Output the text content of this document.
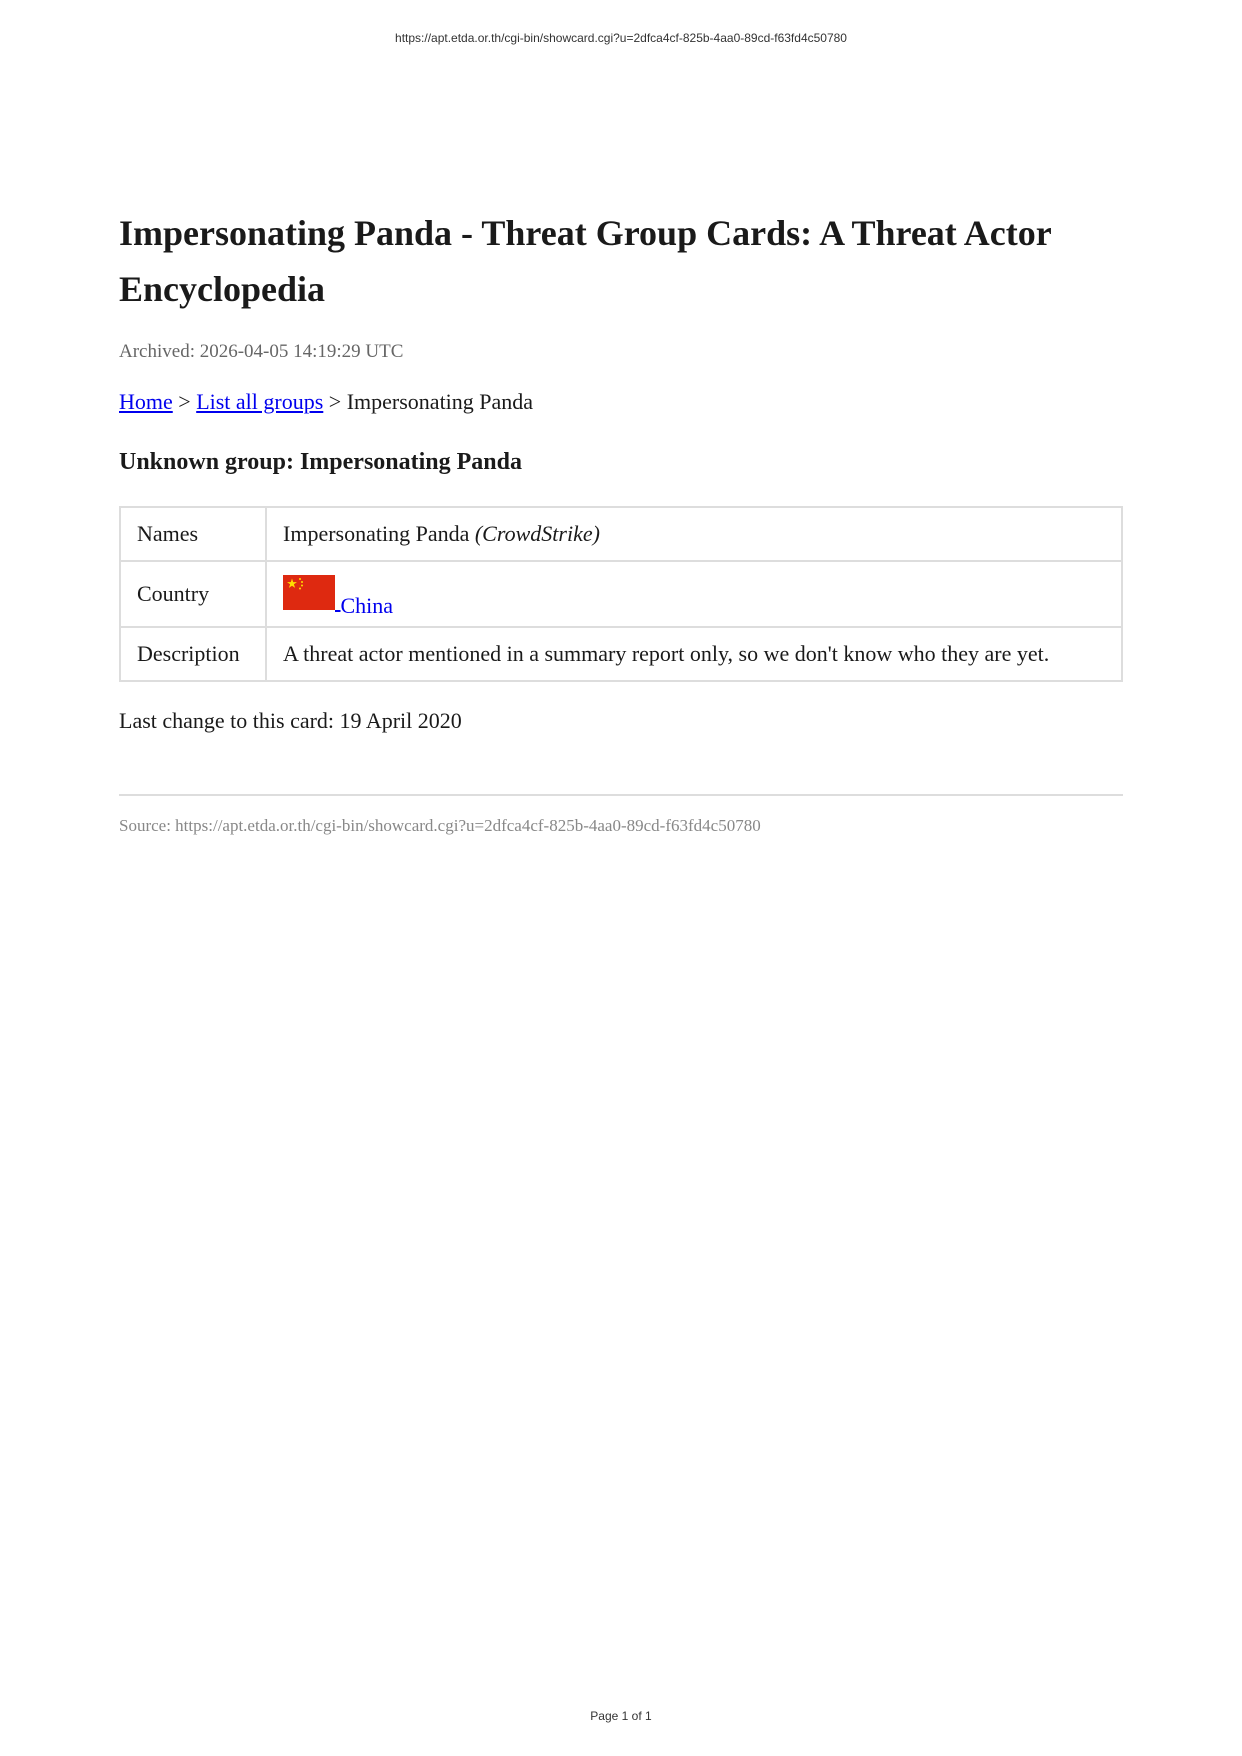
https://apt.etda.or.th/cgi-bin/showcard.cgi?u=2dfca4cf-825b-4aa0-89cd-f63fd4c50780
Impersonating Panda - Threat Group Cards: A Threat Actor Encyclopedia
Archived: 2026-04-05 14:19:29 UTC
Home > List all groups > Impersonating Panda
Unknown group: Impersonating Panda
Names	Impersonating Panda (CrowdStrike)
Country	China
Description	A threat actor mentioned in a summary report only, so we don't know who they are yet.
Last change to this card: 19 April 2020
Source: https://apt.etda.or.th/cgi-bin/showcard.cgi?u=2dfca4cf-825b-4aa0-89cd-f63fd4c50780
Page 1 of 1
